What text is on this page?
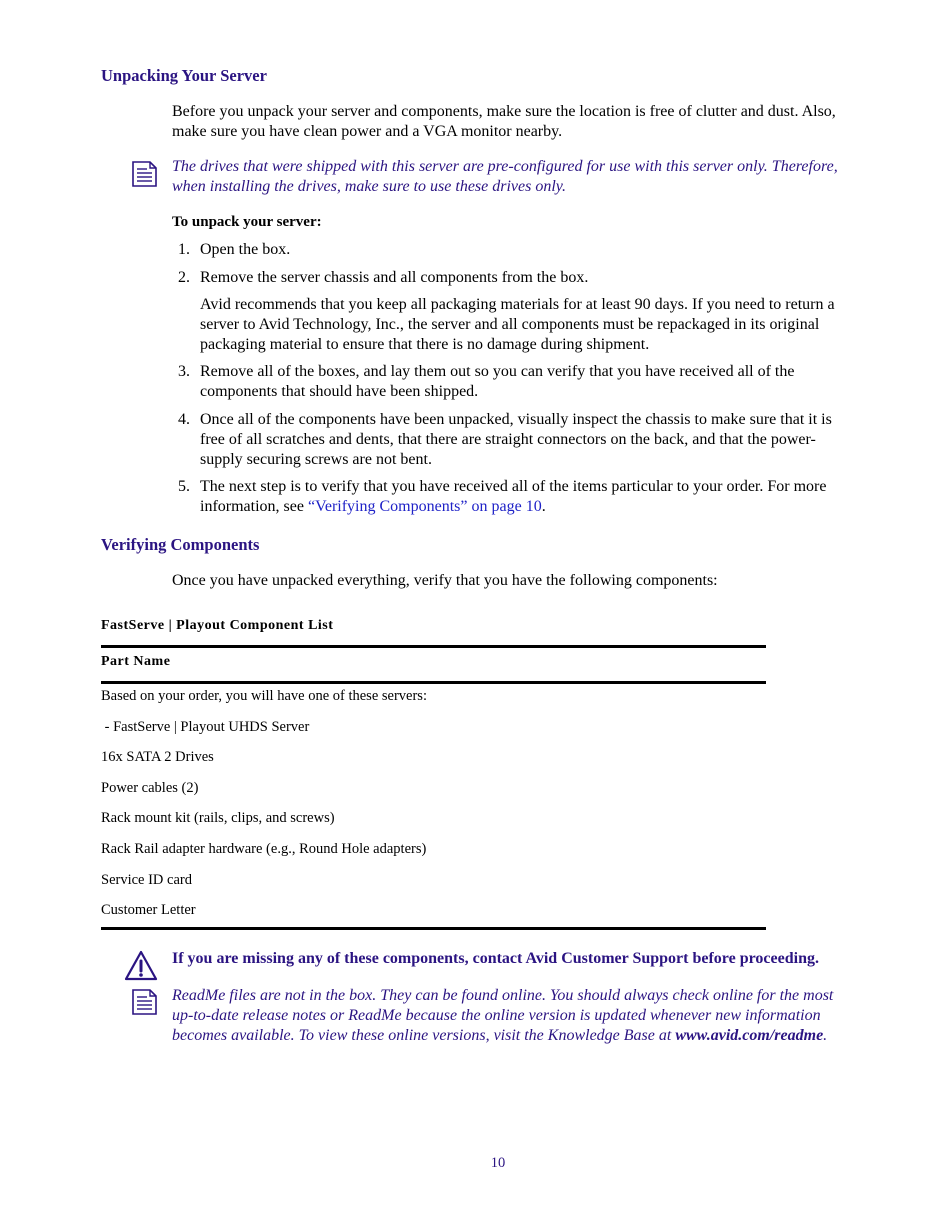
Unpacking Your Server
Before you unpack your server and components, make sure the location is free of clutter and dust. Also, make sure you have clean power and a VGA monitor nearby.
The drives that were shipped with this server are pre-configured for use with this server only. Therefore, when installing the drives, make sure to use these drives only.
To unpack your server:
1. Open the box.
2. Remove the server chassis and all components from the box.
Avid recommends that you keep all packaging materials for at least 90 days. If you need to return a server to Avid Technology, Inc., the server and all components must be repackaged in its original packaging material to ensure that there is no damage during shipment.
3. Remove all of the boxes, and lay them out so you can verify that you have received all of the components that should have been shipped.
4. Once all of the components have been unpacked, visually inspect the chassis to make sure that it is free of all scratches and dents, that there are straight connectors on the back, and that the power-supply securing screws are not bent.
5. The next step is to verify that you have received all of the items particular to your order. For more information, see “Verifying Components” on page 10.
Verifying Components
Once you have unpacked everything, verify that you have the following components:
FastServe | Playout Component List
Part Name
Based on your order, you will have one of these servers:
- FastServe | Playout UHDS Server
16x SATA 2 Drives
Power cables (2)
Rack mount kit (rails, clips, and screws)
Rack Rail adapter hardware (e.g., Round Hole adapters)
Service ID card
Customer Letter
If you are missing any of these components, contact Avid Customer Support before proceeding.
ReadMe files are not in the box. They can be found online. You should always check online for the most up-to-date release notes or ReadMe because the online version is updated whenever new information becomes available. To view these online versions, visit the Knowledge Base at www.avid.com/readme.
10
